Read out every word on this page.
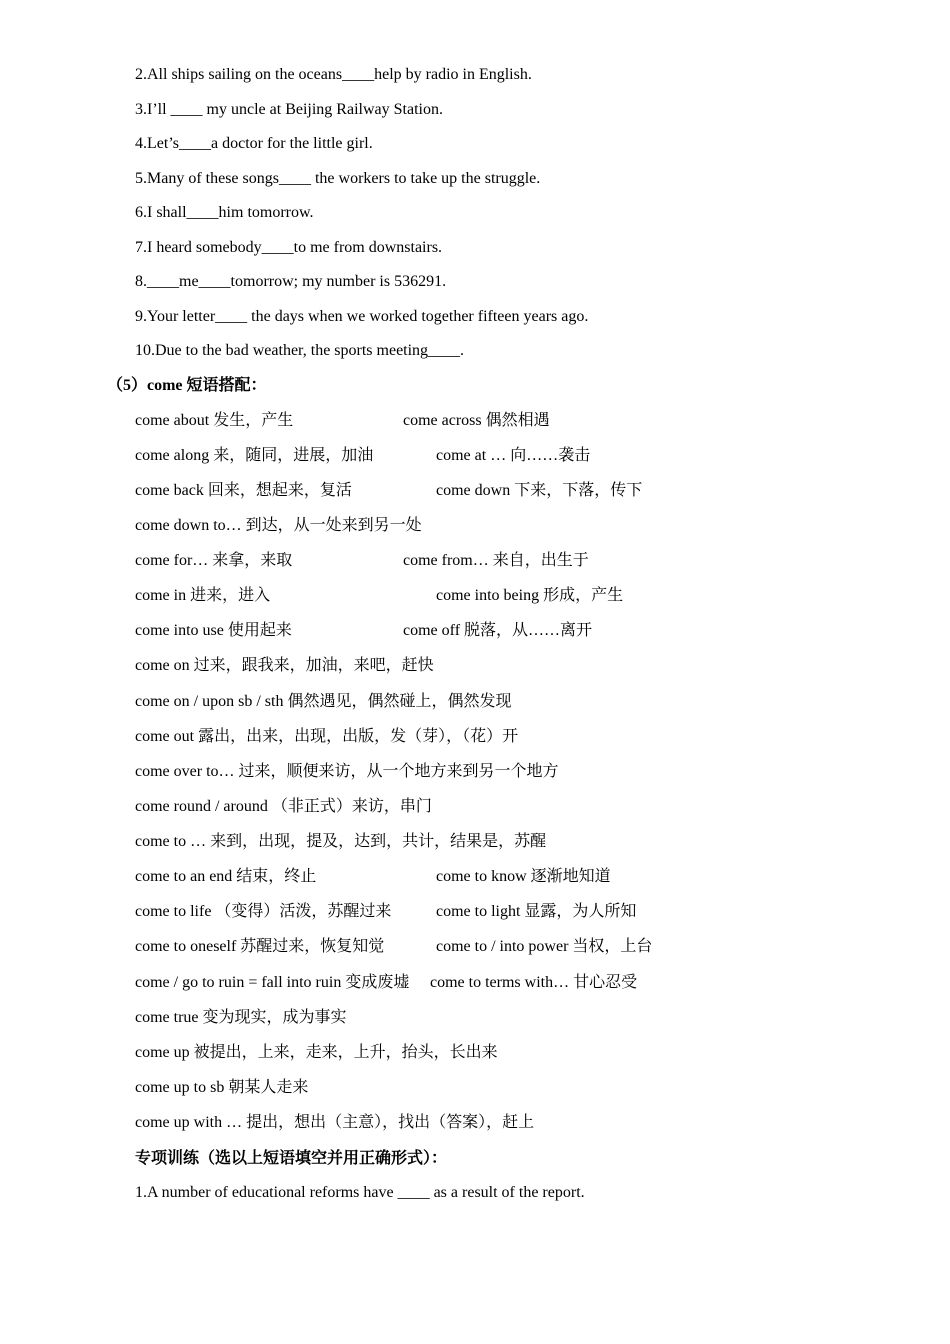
2.All ships sailing on the oceans____help by radio in English.
3.I’ll ____ my uncle at Beijing Railway Station.
4.Let’s____a doctor for the little girl.
5.Many of these songs____ the workers to take up the struggle.
6.I shall____him tomorrow.
7.I heard somebody____to me from downstairs.
8.____me____tomorrow; my number is 536291.
9.Your letter____ the days when we worked together fifteen years ago.
10.Due to the bad weather, the sports meeting____.
（5）come 短语搭配：
come about 发生，产生	come across 偶然相遇
come along 来，随同，进展，加油	come at … 向……袭击
come back 回来，想起来，复活	come down 下来，下落，传下
come down to… 到达，从一处来到另一处
come for… 来拿，来取	come from… 来自，出生于
come in 进来，进入	come into being 形成，产生
come into use 使用起来	come off 脱落，从……离开
come on 过来，跟我来，加油，来吧，赶快
come on / upon sb / sth 偶然遇见，偶然碰上，偶然发现
come out 露出，出来，出现，出版，发（芽），（花）开
come over to… 过来，顺便来访，从一个地方来到另一个地方
come round / around （非正式）来访，串门
come to … 来到，出现，提及，达到，共计，结果是，苏醒
come to an end 结束，终止	come to know 逐渐地知道
come to life （变得）活泼，苏醒过来	come to light 显露，为人所知
come to oneself 苏醒过来，恢复知觉	come to / into power 当权，上台
come / go to ruin = fall into ruin 变成废墟 come to terms with… 甘心忍受
come true 变为现实，成为事实
come up 被提出，上来，走来，上升，抬头，长出来
come up to sb 朝某人走来
come up with … 提出，想出（主意），找出（答案），赶上
专项训练（选以上短语填空并用正确形式）：
1.A number of educational reforms have ____ as a result of the report.
